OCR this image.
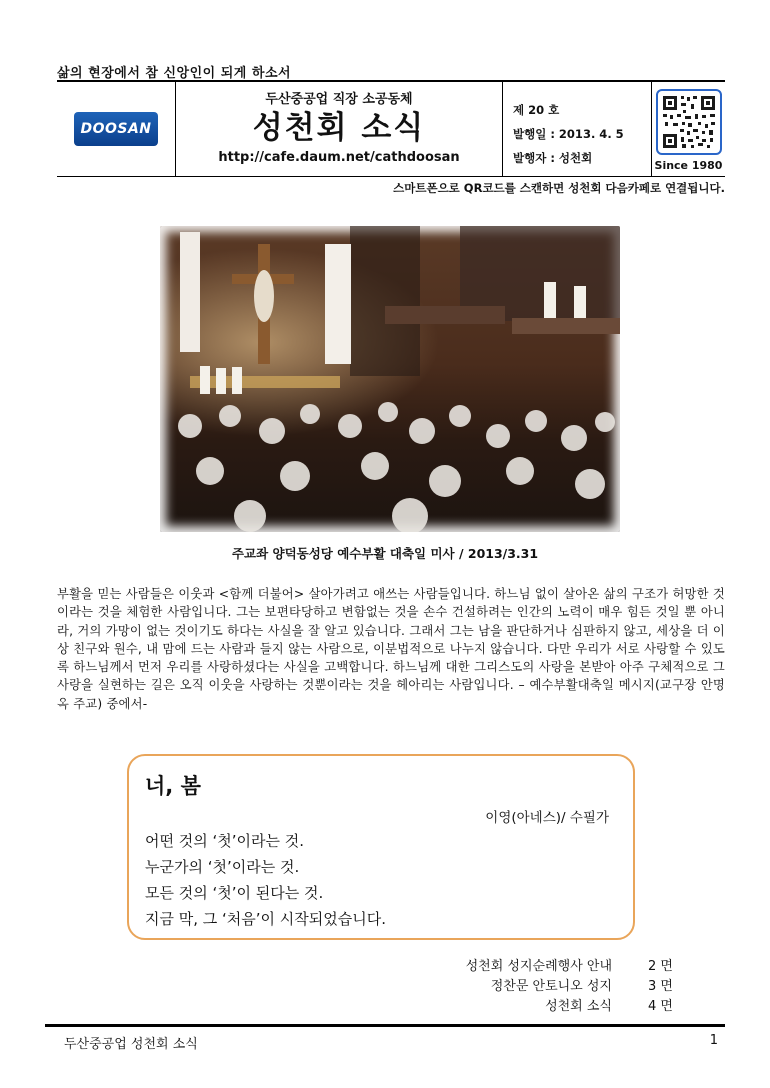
삶의 현장에서 참 신앙인이 되게 하소서
DOOSAN
두산중공업 직장 소공동체
성천회 소식
http://cafe.daum.net/cathdoosan
제 20 호
발행일 : 2013. 4. 5
발행자 : 성천회
Since 1980
스마트폰으로 QR코드를 스캔하면 성천회 다음카페로 연결됩니다.
주교좌 양덕동성당 예수부활 대축일 미사 / 2013/3.31
부활을 믿는 사람들은 이웃과 <함께 더불어> 살아가려고 애쓰는 사람들입니다. 하느님 없이 살아온 삶의 구조가 허망한 것이라는 것을 체험한 사람입니다. 그는 보편타당하고 변함없는 것을 손수 건설하려는 인간의 노력이 매우 힘든 것일 뿐 아니라, 거의 가망이 없는 것이기도 하다는 사실을 잘 알고 있습니다. 그래서 그는 남을 판단하거나 심판하지 않고, 세상을 더 이상 친구와 원수, 내 맘에 드는 사람과 들지 않는 사람으로, 이분법적으로 나누지 않습니다. 다만 우리가 서로 사랑할 수 있도록 하느님께서 먼저 우리를 사랑하셨다는 사실을 고백합니다. 하느님께 대한 그리스도의 사랑을 본받아 아주 구체적으로 그 사랑을 실현하는 길은 오직 이웃을 사랑하는 것뿐이라는 것을 헤아리는 사람입니다. – 예수부활대축일 메시지(교구장 안명옥 주교) 중에서-
너, 봄
이영(아네스)/ 수필가
어떤 것의 ‘첫’이라는 것.
누군가의 ‘첫’이라는 것.
모든 것의 ‘첫’이 된다는 것.
지금 막, 그 ‘처음’이 시작되었습니다.
성천회 성지순례행사 안내	2 면
정찬문 안토니오 성지	3 면
성천회 소식	4 면
두산중공업 성천회 소식	1
